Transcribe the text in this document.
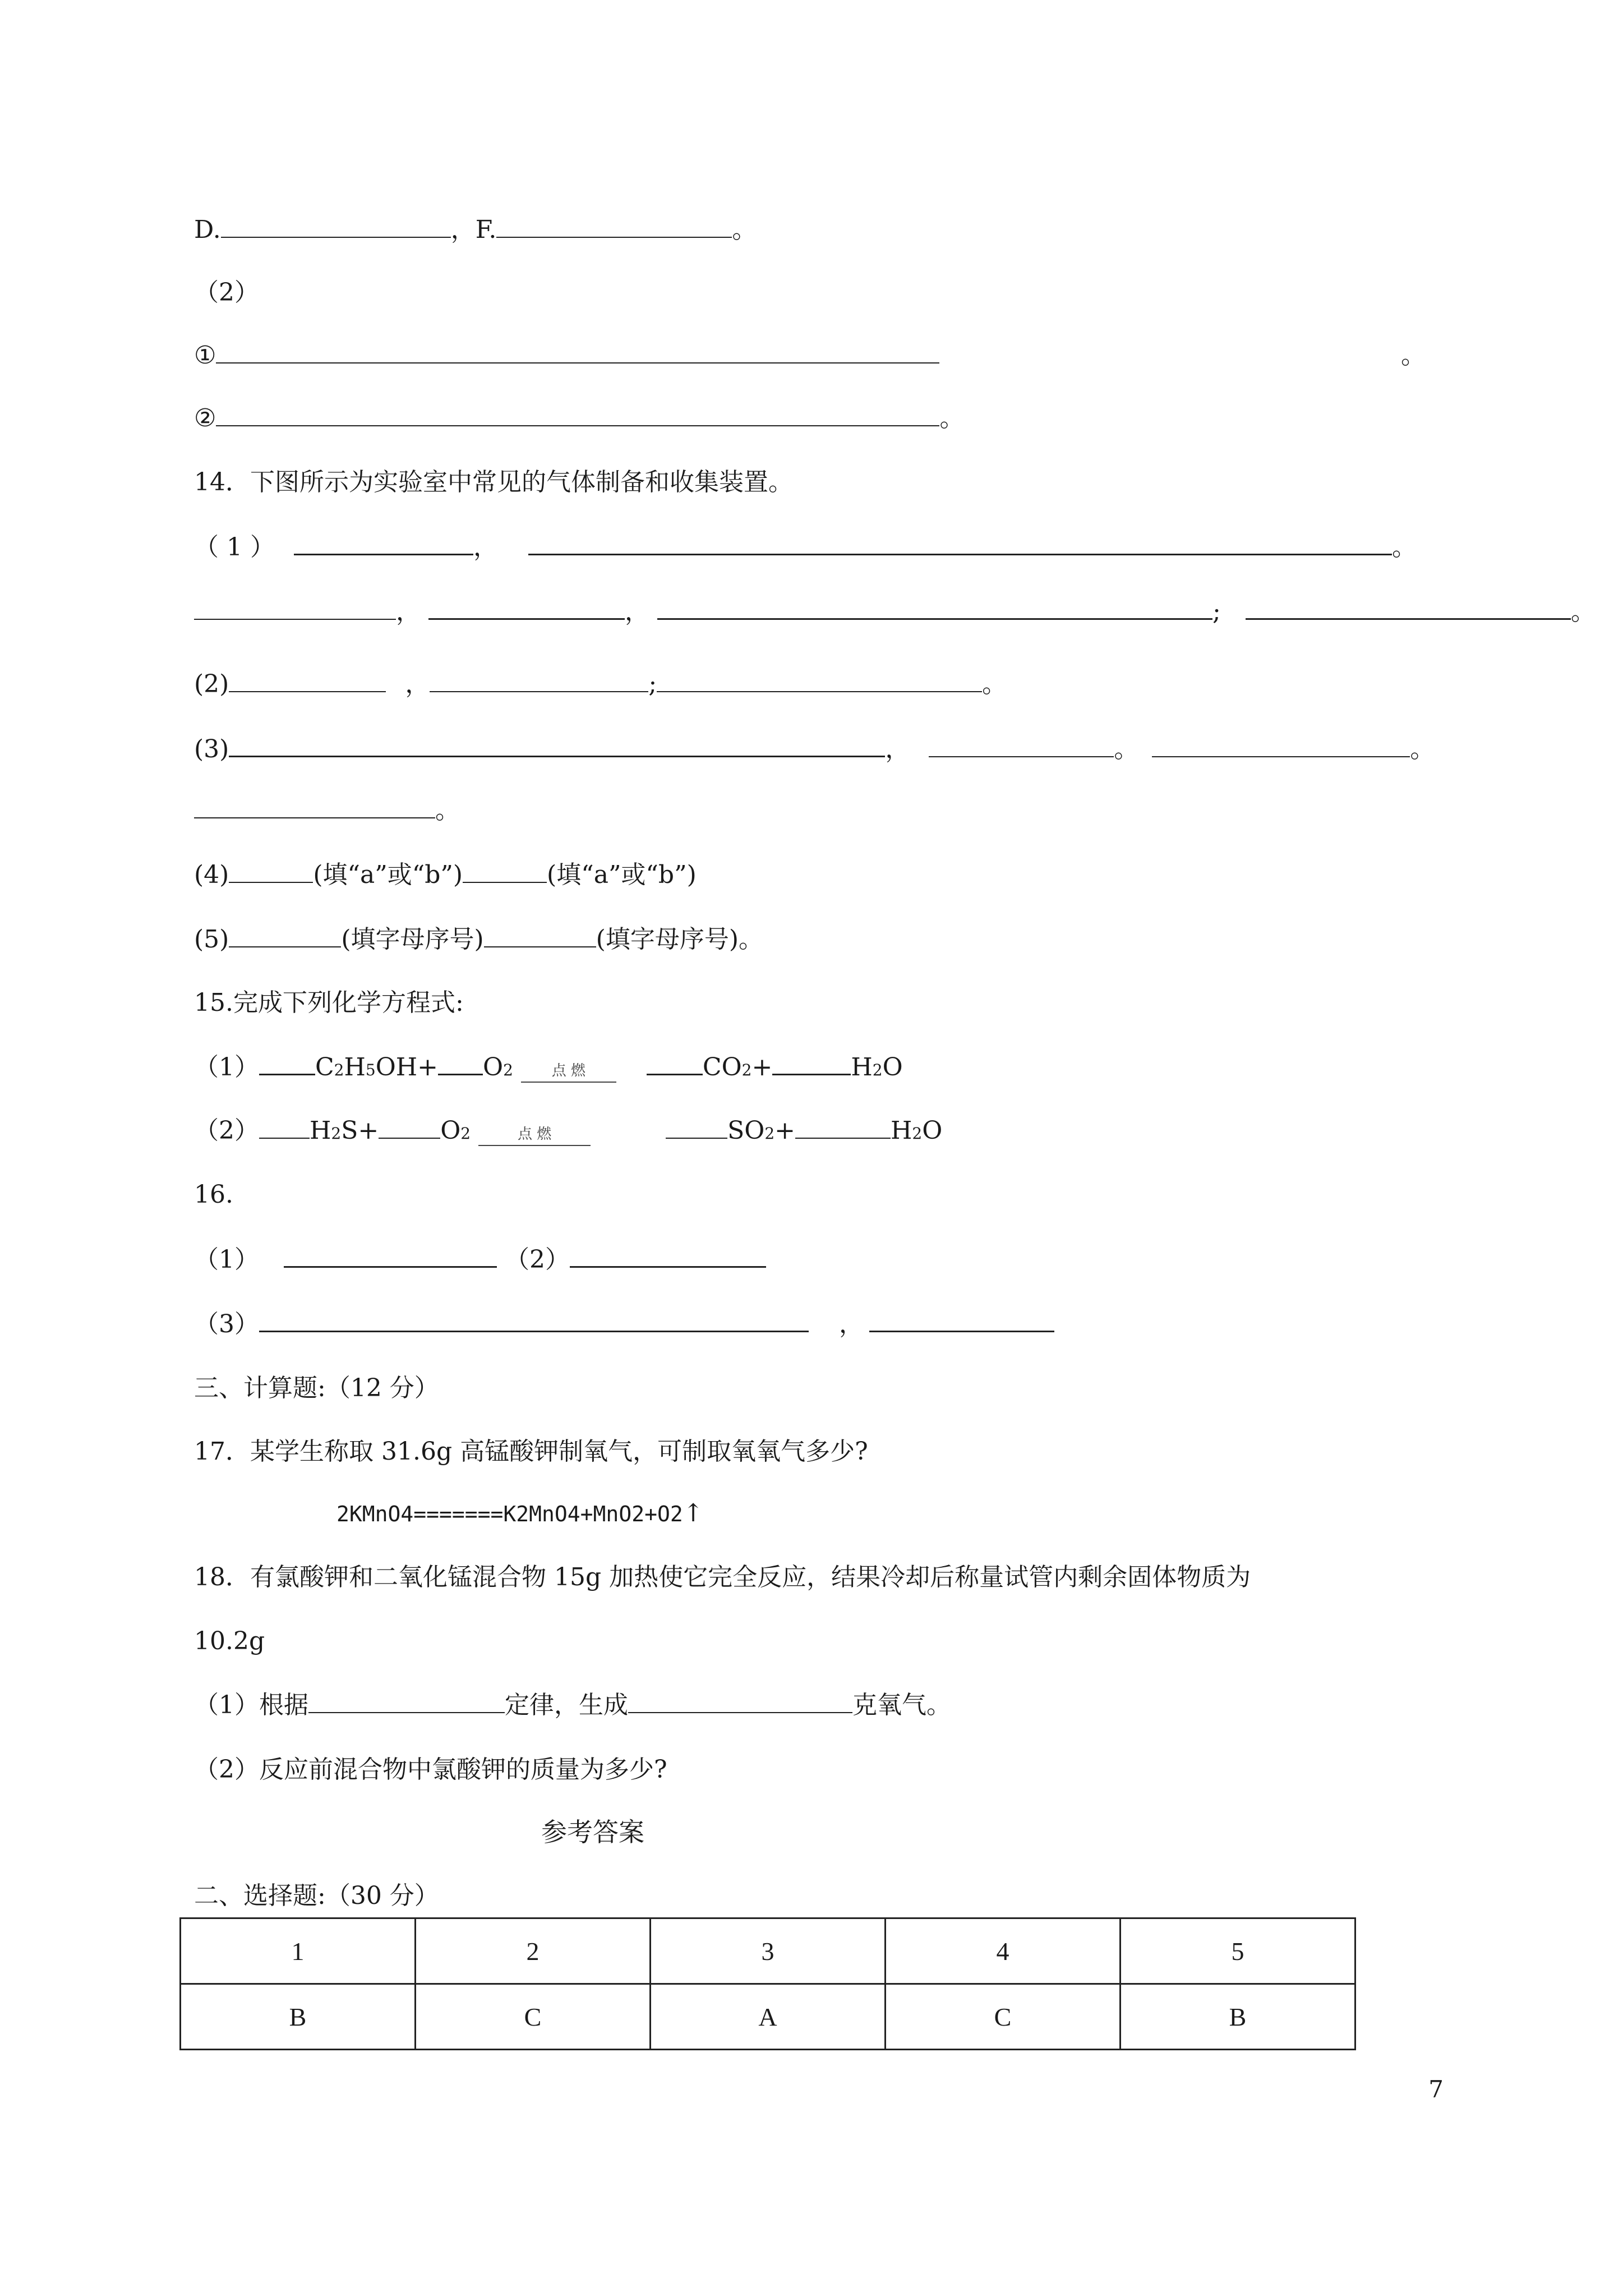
D.	，F.	。
（2）
①	。
②	。
14．下图所示为实验室中常见的气体制备和收集装置。
（ 1 ）	，	。
，	，	;	。
(2)	，	;	。
(3)	，	。	。
。
(4)	(填“a”或“b”)	(填“a”或“b”)
(5)	(填字母序号)	(填字母序号)。
15.完成下列化学方程式:
（1） C2H5OH+ O2	点 燃	CO2+	H2O
（2） H2S+	O2	点 燃	SO2+	H2O
16.
（1）	（2）
（3）	，
三、计算题:（12 分）
17．某学生称取 31.6g 高锰酸钾制氧气，可制取氧氧气多少?
2KMnO4=======K2MnO4+MnO2+O2↑
18．有氯酸钾和二氧化锰混合物 15g 加热使它完全反应，结果冷却后称量试管内剩余固体物质为
10.2g
（1）根据	定律，生成	克氧气。
（2）反应前混合物中氯酸钾的质量为多少?
参考答案
二、选择题:（30 分）
1	2	3	4	5
B	C	A	C	B
7
